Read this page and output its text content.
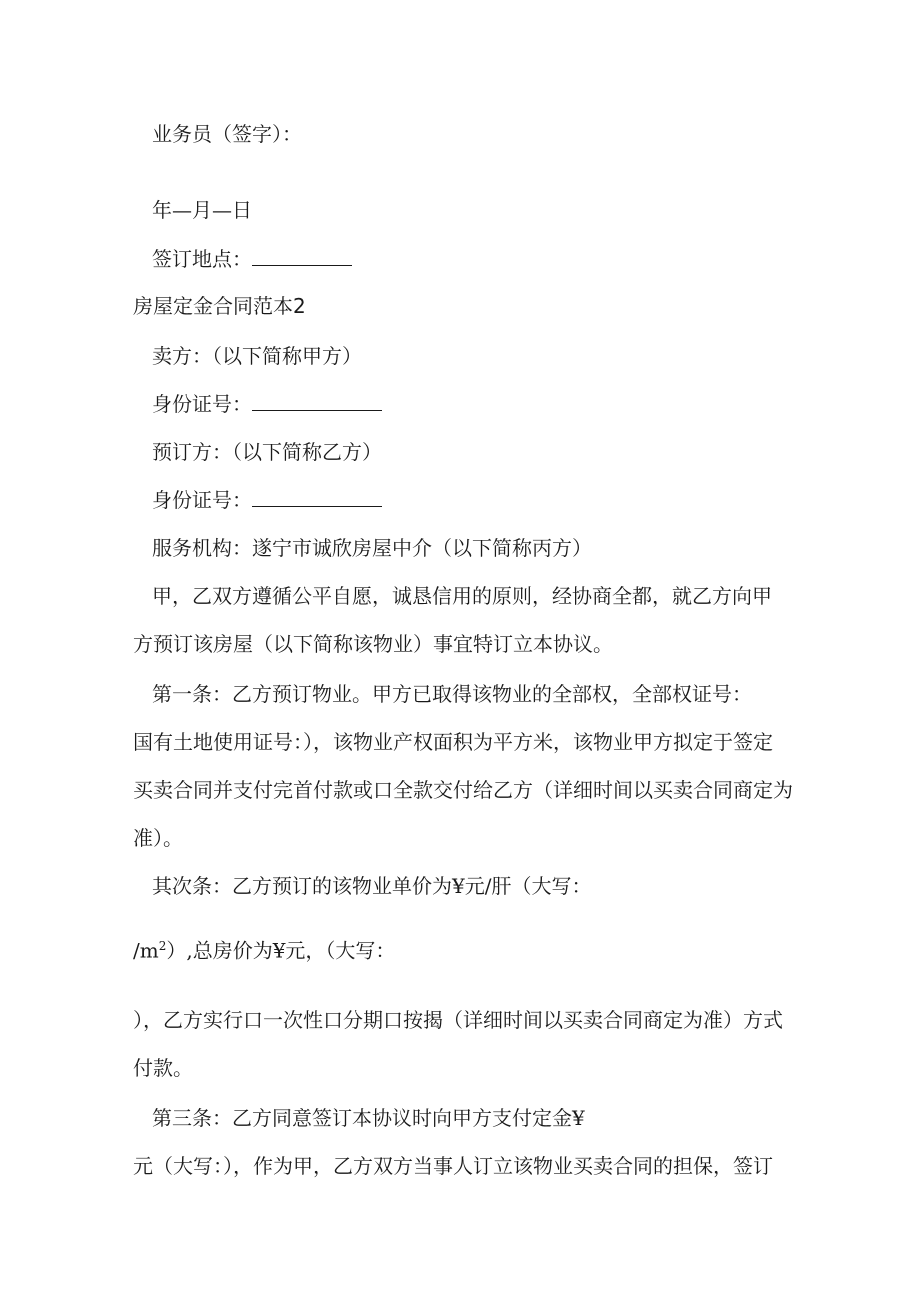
业务员（签字）：
年—月—日
签订地点：
房屋定金合同范本2
卖方：（以下简称甲方）
身份证号：
预订方：（以下简称乙方）
身份证号：
服务机构：遂宁市诚欣房屋中介（以下简称丙方）
甲，乙双方遵循公平自愿，诚恳信用的原则，经协商全都，就乙方向甲
方预订该房屋（以下简称该物业）事宜特订立本协议。
第一条：乙方预订物业。甲方已取得该物业的全部权，全部权证号：
国有土地使用证号：），该物业产权面积为平方米，该物业甲方拟定于签定
买卖合同并支付完首付款或口全款交付给乙方（详细时间以买卖合同商定为
准）。
其次条：乙方预订的该物业单价为¥元/肝（大写：
$/m^2$）,总房价为¥元，（大写：
），乙方实行口一次性口分期口按揭（详细时间以买卖合同商定为准）方式
付款。
第三条：乙方同意签订本协议时向甲方支付定金¥
元（大写：），作为甲，乙方双方当事人订立该物业买卖合同的担保，签订
